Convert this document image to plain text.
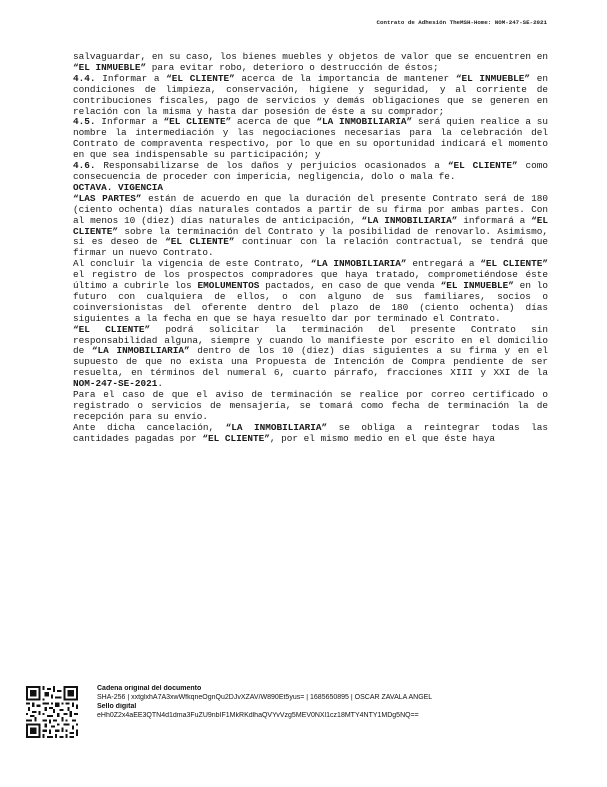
Contrato de Adhesión TheMSH-Home: NOM-247-SE-2021

salvaguardar, en su caso, los bienes muebles y objetos de valor que se encuentren en “EL INMUEBLE” para evitar robo, deterioro o destrucción de éstos;

4.4. Informar a “EL CLIENTE” acerca de la importancia de mantener “EL INMUEBLE” en condiciones de limpieza, conservación, higiene y seguridad, y al corriente de contribuciones fiscales, pago de servicios y demás obligaciones que se generen en relación con la misma y hasta dar posesión de éste a su comprador;

4.5. Informar a “EL CLIENTE” acerca de que “LA INMOBILIARIA” será quien realice a su nombre la intermediación y las negociaciones necesarias para la celebración del Contrato de compraventa respectivo, por lo que en su oportunidad indicará el momento en que sea indispensable su participación; y

4.6. Responsabilizarse de los daños y perjuicios ocasionados a “EL CLIENTE” como consecuencia de proceder con impericia, negligencia, dolo o mala fe.

OCTAVA. VIGENCIA

“LAS PARTES” están de acuerdo en que la duración del presente Contrato será de 180 (ciento ochenta) días naturales contados a partir de su firma por ambas partes. Con al menos 10 (diez) días naturales de anticipación, “LA INMOBILIARIA” informará a “EL CLIENTE” sobre la terminación del Contrato y la posibilidad de renovarlo. Asimismo, si es deseo de “EL CLIENTE” continuar con la relación contractual, se tendrá que firmar un nuevo Contrato.

Al concluir la vigencia de este Contrato, “LA INMOBILIARIA” entregará a “EL CLIENTE” el registro de los prospectos compradores que haya tratado, comprometiéndose éste último a cubrirle los EMOLUMENTOS pactados, en caso de que venda “EL INMUEBLE” en lo futuro con cualquiera de ellos, o con alguno de sus familiares, socios o coinversionistas del oferente dentro del plazo de 180 (ciento ochenta) días siguientes a la fecha en que se haya resuelto dar por terminado el Contrato.

“EL CLIENTE” podrá solicitar la terminación del presente Contrato sin responsabilidad alguna, siempre y cuando lo manifieste por escrito en el domicilio de “LA INMOBILIARIA” dentro de los 10 (diez) días siguientes a su firma y en el supuesto de que no exista una Propuesta de Intención de Compra pendiente de ser resuelta, en términos del numeral 6, cuarto párrafo, fracciones XIII y XXI de la NOM-247-SE-2021.

Para el caso de que el aviso de terminación se realice por correo certificado o registrado o servicios de mensajería, se tomará como fecha de terminación la de recepción para su envío.

Ante dicha cancelación, “LA INMOBILIARIA” se obliga a reintegrar todas las cantidades pagadas por “EL CLIENTE”, por el mismo medio en el que éste haya

Cadena original del documento
SHA-256 | xxtglxhA7A3xwWfkqneOgnQu2DJvXZAV/W890Et5yus= | 1685650895 | OSCAR ZAVALA ANGEL
Sello digital
eHh0Z2x4aEE3QTN4d1dma3FuZU9nbIF1MkRKdlhaQVYvVzg5MEV0NXl1cz18MTY4NTY1MDg5NQ==
